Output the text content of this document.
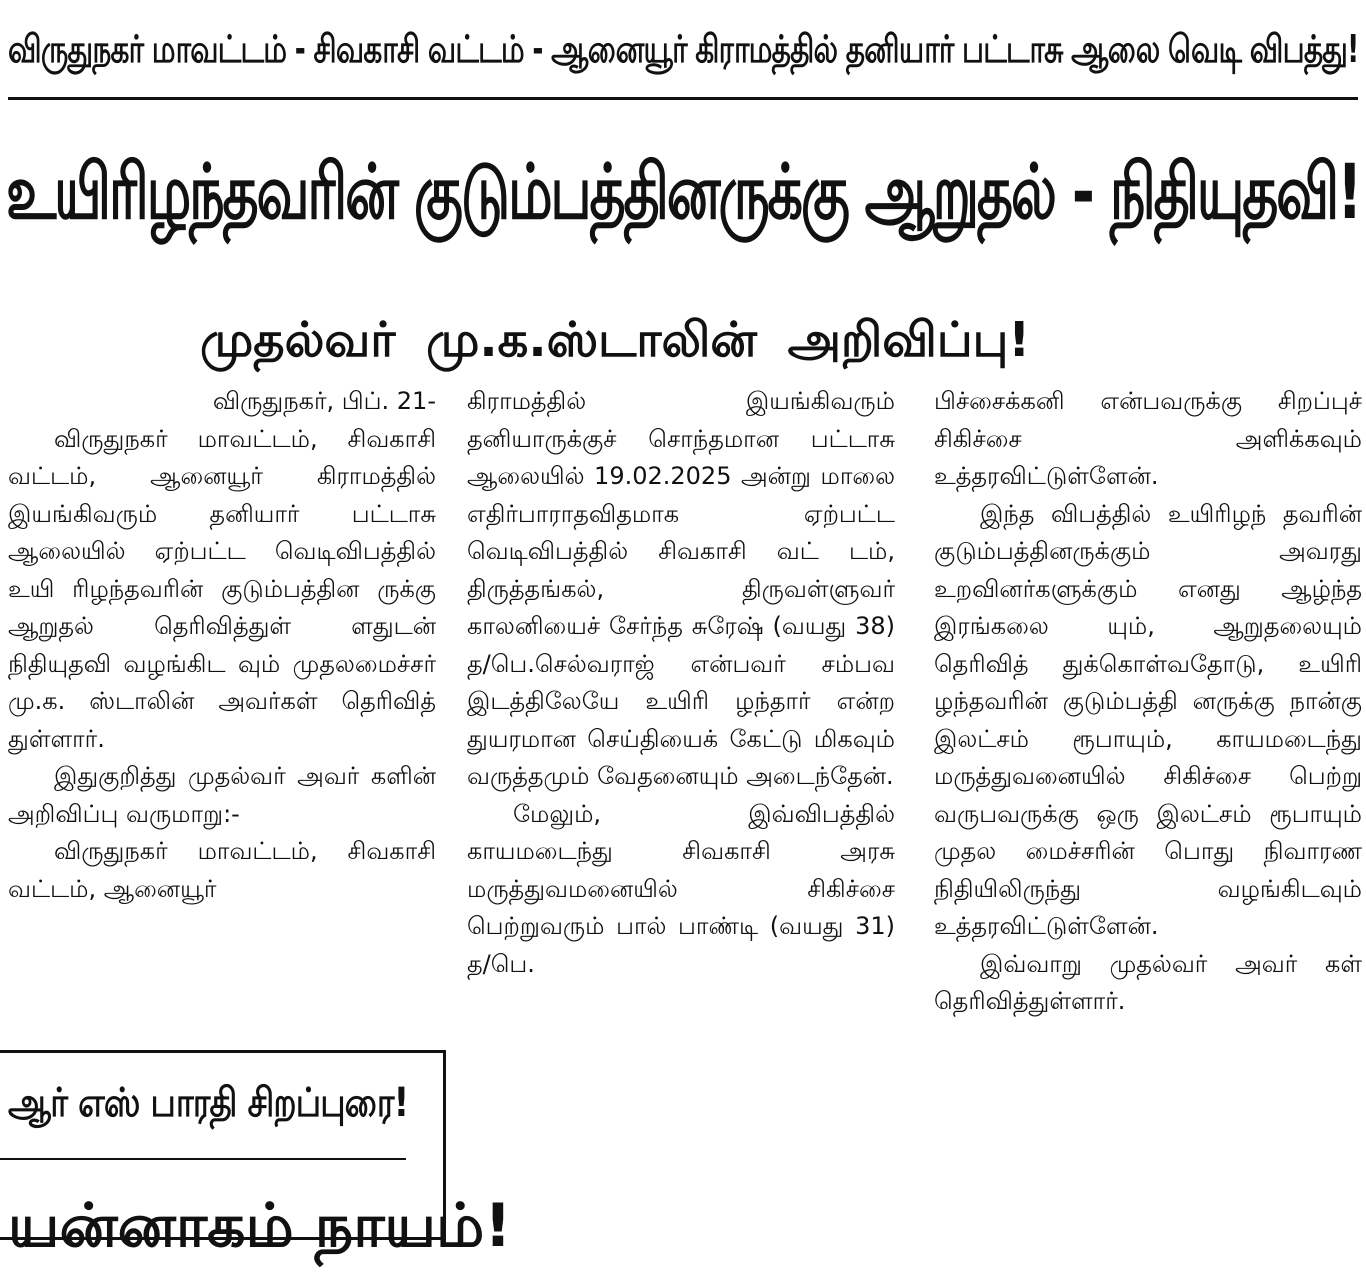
விருதுநகர் மாவட்டம் - சிவகாசி வட்டம் - ஆனையூர் கிராமத்தில் தனியார் பட்டாசு ஆலை வெடி விபத்து!
உயிரிழந்தவரின் குடும்பத்தினருக்கு ஆறுதல் - நிதியுதவி!
முதல்வர் மு.க.ஸ்டாலின் அறிவிப்பு!

விருதுநகர், பிப். 21-

விருதுநகர் மாவட்டம், சிவகாசி வட்டம், ஆனையூர் கிராமத்தில் இயங்கிவரும் தனியார் பட்டாசு ஆலையில் ஏற்பட்ட வெடிவிபத்தில் உயி ரிழந்தவரின் குடும்பத்தின ருக்கு ஆறுதல் தெரிவித்துள் ளதுடன் நிதியுதவி வழங்கிட வும் முதலமைச்சர் மு.க. ஸ்டாலின் அவர்கள் தெரிவித் துள்ளார்.

இதுகுறித்து முதல்வர் அவர் களின் அறிவிப்பு வருமாறு:-

விருதுநகர் மாவட்டம், சிவகாசி வட்டம், ஆனையூர்

கிராமத்தில் இயங்கிவரும் தனியாருக்குச் சொந்தமான பட்டாசு ஆலையில் 19.02.2025 அன்று மாலை எதிர்பாராதவிதமாக ஏற்பட்ட வெடிவிபத்தில் சிவகாசி வட் டம், திருத்தங்கல், திருவள்ளுவர் காலனியைச் சேர்ந்த சுரேஷ் (வயது 38) த/பெ.செல்வராஜ் என்பவர் சம்பவ இடத்திலேயே உயிரி ழந்தார் என்ற துயரமான செய்தியைக் கேட்டு மிகவும் வருத்தமும் வேதனையும் அடைந்தேன்.

மேலும், இவ்விபத்தில் காயமடைந்து சிவகாசி அரசு மருத்துவமனையில் சிகிச்சை பெற்றுவரும் பால் பாண்டி (வயது 31) த/பெ.

பிச்சைக்கனி என்பவருக்கு சிறப்புச் சிகிச்சை அளிக்கவும் உத்தரவிட்டுள்ளேன்.

இந்த விபத்தில் உயிரிழந் தவரின் குடும்பத்தினருக்கும் அவரது உறவினர்களுக்கும் எனது ஆழ்ந்த இரங்கலை யும், ஆறுதலையும் தெரிவித் துக்கொள்வதோடு, உயிரி ழந்தவரின் குடும்பத்தி னருக்கு நான்கு இலட்சம் ரூபாயும், காயமடைந்து மருத்துவனையில் சிகிச்சை பெற்று வருபவருக்கு ஒரு இலட்சம் ரூபாயும் முதல மைச்சரின் பொது நிவாரண நிதியிலிருந்து வழங்கிடவும் உத்தரவிட்டுள்ளேன்.

இவ்வாறு முதல்வர் அவர் கள் தெரிவித்துள்ளார்.

ஆர் எஸ் பாரதி சிறப்புரை!
யன்னாகம் நாயம்!
